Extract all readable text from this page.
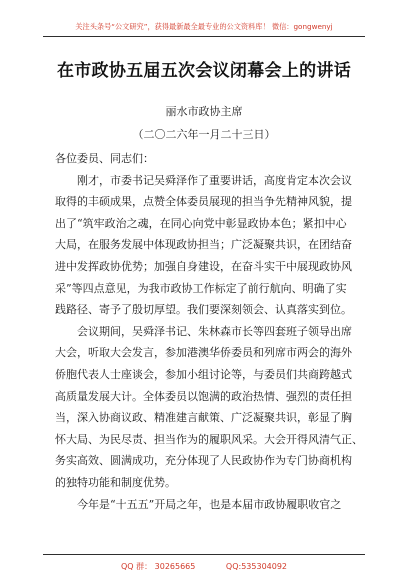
关注头条号“公文研究”，获得最新最全最专业的公文资料库！ 微信：gongwenyj
在市政协五届五次会议闭幕会上的讲话
丽水市政协主席
（二〇二六年一月二十三日）
各位委员、同志们：
　　刚才，市委书记吴舜泽作了重要讲话，高度肯定本次会议
取得的丰硕成果，点赞全体委员展现的担当争先精神风貌，提
出了“筑牢政治之魂，在同心向党中彰显政协本色；紧扣中心
大局，在服务发展中体现政协担当；广泛凝聚共识，在团结奋
进中发挥政协优势；加强自身建设，在奋斗实干中展现政协风
采”等四点意见，为我市政协工作标定了前行航向、明确了实
践路径、寄予了殷切厚望。我们要深刻领会、认真落实到位。
　　会议期间，吴舜泽书记、朱林森市长等四套班子领导出席
大会，听取大会发言，参加港澳华侨委员和列席市两会的海外
侨胞代表人士座谈会，参加小组讨论等，与委员们共商跨越式
高质量发展大计。全体委员以饱满的政治热情、强烈的责任担
当，深入协商议政、精准建言献策、广泛凝聚共识，彰显了胸
怀大局、为民尽责、担当作为的履职风采。大会开得风清气正、
务实高效、圆满成功，充分体现了人民政协作为专门协商机构
的独特功能和制度优势。
　　今年是“十五五”开局之年，也是本届市政协履职收官之
QQ 群： 30265665	QQ:535304092
